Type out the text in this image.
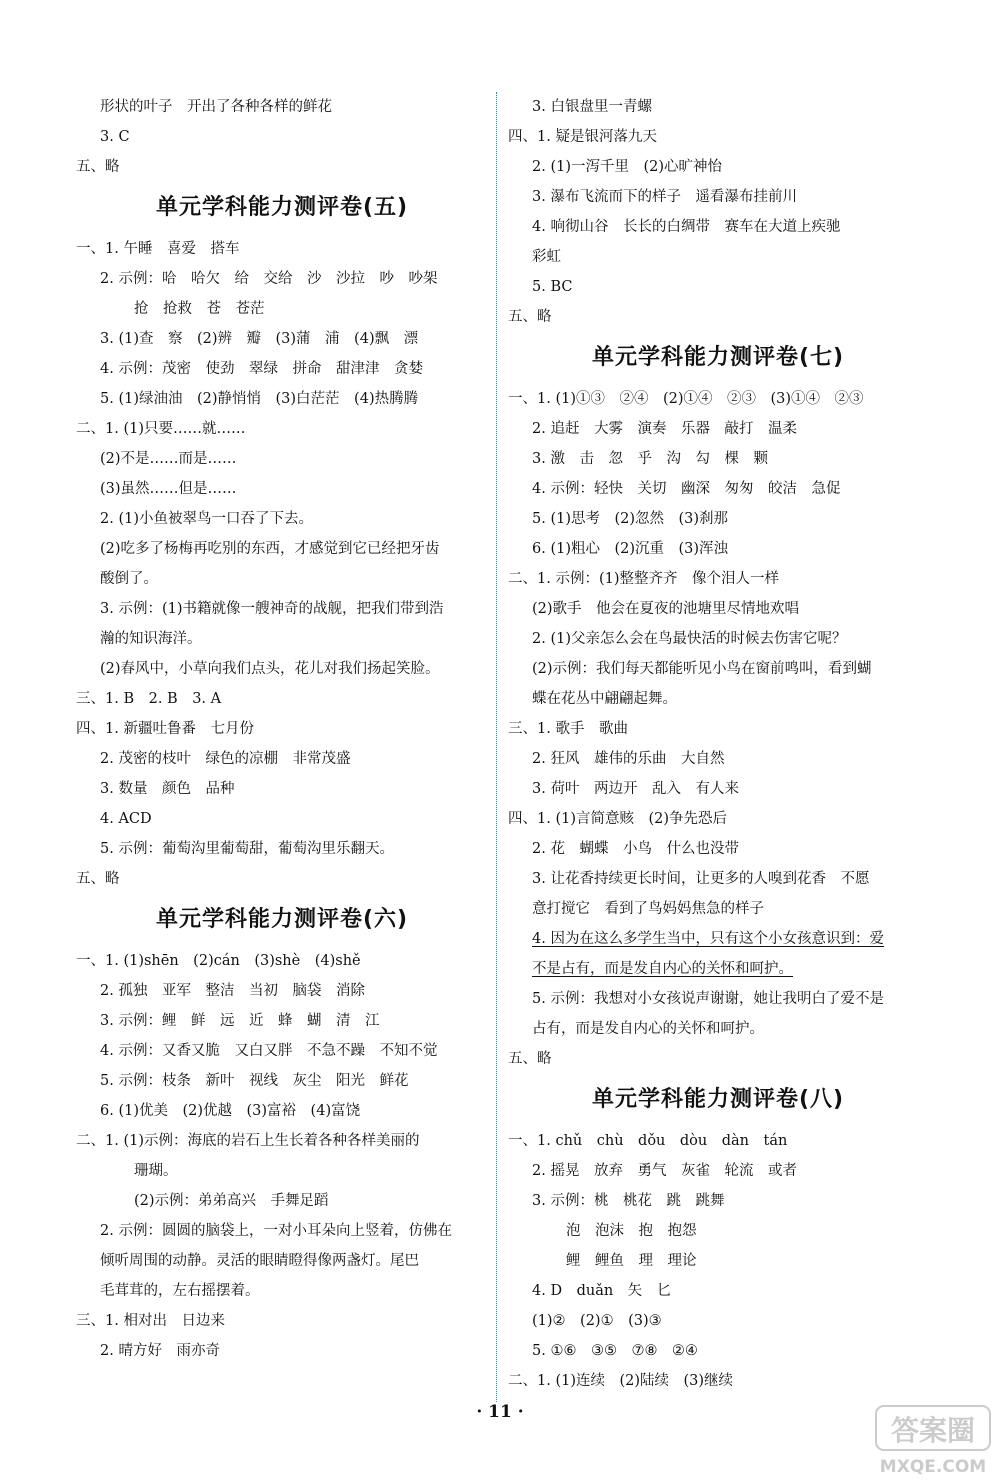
形状的叶子　开出了各种各样的鲜花
3. C
五、略
单元学科能力测评卷(五)
一、1. 午睡　喜爱　搭车
2. 示例：哈　哈欠　给　交给　沙　沙拉　吵　吵架
抢　抢救　苍　苍茫
3. (1)查　察　(2)辨　瓣　(3)蒲　浦　(4)飘　漂
4. 示例：茂密　使劲　翠绿　拼命　甜津津　贪婪
5. (1)绿油油　(2)静悄悄　(3)白茫茫　(4)热腾腾
二、1. (1)只要……就……
(2)不是……而是……
(3)虽然……但是……
2. (1)小鱼被翠鸟一口吞了下去。
(2)吃多了杨梅再吃别的东西，才感觉到它已经把牙齿
酸倒了。
3. 示例：(1)书籍就像一艘神奇的战舰，把我们带到浩
瀚的知识海洋。
(2)春风中，小草向我们点头，花儿对我们扬起笑脸。
三、1. B　2. B　3. A
四、1. 新疆吐鲁番　七月份
2. 茂密的枝叶　绿色的凉棚　非常茂盛
3. 数量　颜色　品种
4. ACD
5. 示例：葡萄沟里葡萄甜，葡萄沟里乐翻天。
五、略
单元学科能力测评卷(六)
一、1. (1)shēn　(2)cán　(3)shè　(4)shě
2. 孤独　亚军　整洁　当初　脑袋　消除
3. 示例：鲤　鲜　远　近　蜂　蝴　清　江
4. 示例：又香又脆　又白又胖　不急不躁　不知不觉
5. 示例：枝条　新叶　视线　灰尘　阳光　鲜花
6. (1)优美　(2)优越　(3)富裕　(4)富饶
二、1. (1)示例：海底的岩石上生长着各种各样美丽的
珊瑚。
(2)示例：弟弟高兴　手舞足蹈
2. 示例：圆圆的脑袋上，一对小耳朵向上竖着，仿佛在
倾听周围的动静。灵活的眼睛瞪得像两盏灯。尾巴
毛茸茸的，左右摇摆着。
三、1. 相对出　日边来
2. 晴方好　雨亦奇
3. 白银盘里一青螺
四、1. 疑是银河落九天
2. (1)一泻千里　(2)心旷神怡
3. 瀑布飞流而下的样子　遥看瀑布挂前川
4. 响彻山谷　长长的白绸带　赛车在大道上疾驰
彩虹
5. BC
五、略
单元学科能力测评卷(七)
一、1. (1)①③　②④　(2)①④　②③　(3)①④　②③
2. 追赶　大雾　演奏　乐器　敲打　温柔
3. 激　击　忽　乎　沟　勾　棵　颗
4. 示例：轻快　关切　幽深　匆匆　皎洁　急促
5. (1)思考　(2)忽然　(3)刹那
6. (1)粗心　(2)沉重　(3)浑浊
二、1. 示例：(1)整整齐齐　像个泪人一样
(2)歌手　他会在夏夜的池塘里尽情地欢唱
2. (1)父亲怎么会在鸟最快活的时候去伤害它呢？
(2)示例：我们每天都能听见小鸟在窗前鸣叫，看到蝴
蝶在花丛中翩翩起舞。
三、1. 歌手　歌曲
2. 狂风　雄伟的乐曲　大自然
3. 荷叶　两边开　乱入　有人来
四、1. (1)言简意赅　(2)争先恐后
2. 花　蝴蝶　小鸟　什么也没带
3. 让花香持续更长时间，让更多的人嗅到花香　不愿
意打搅它　看到了鸟妈妈焦急的样子
4. 因为在这么多学生当中，只有这个小女孩意识到：爱
不是占有，而是发自内心的关怀和呵护。
5. 示例：我想对小女孩说声谢谢，她让我明白了爱不是
占有，而是发自内心的关怀和呵护。
五、略
单元学科能力测评卷(八)
一、1. chǔ　chù　dǒu　dòu　dàn　tán
2. 摇晃　放弃　勇气　灰雀　轮流　或者
3. 示例：桃　桃花　跳　跳舞
泡　泡沫　抱　抱怨
鲤　鲤鱼　理　理论
4. D　duǎn　矢　匕
(1)②　(2)①　(3)③
5. ①⑥　③⑤　⑦⑧　②④
二、1. (1)连续　(2)陆续　(3)继续
· 11 ·
答案圈
MXQE.COM
